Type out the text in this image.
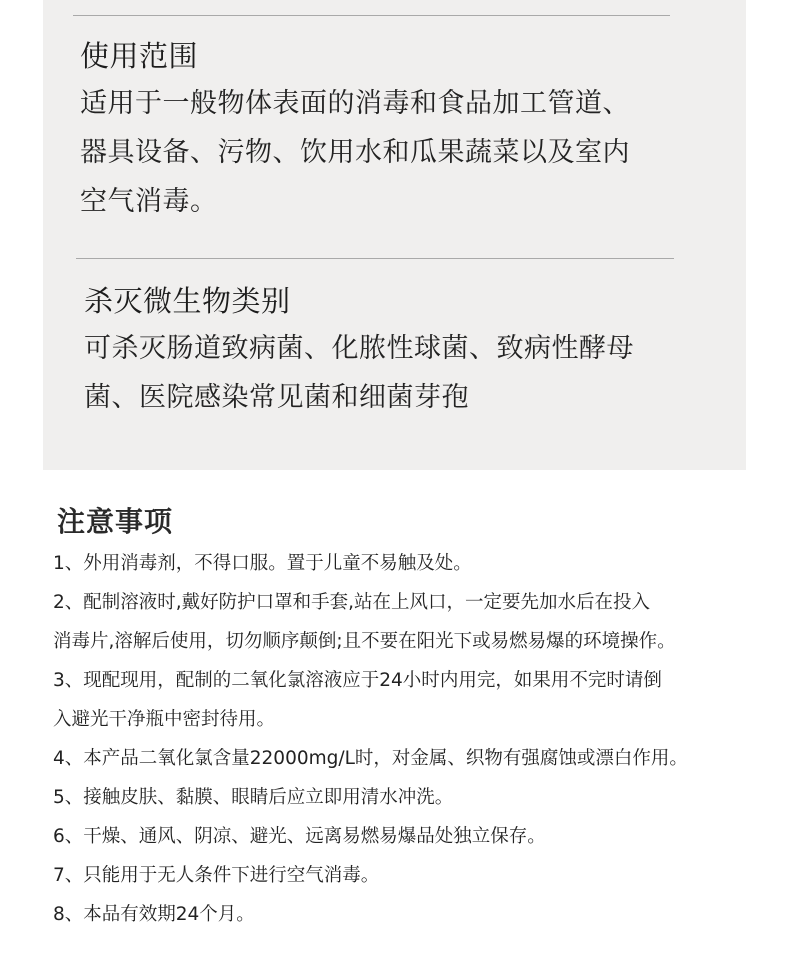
使用范围

适用于一般物体表面的消毒和食品加工管道、

器具设备、污物、饮用水和瓜果蔬菜以及室内

空气消毒。

杀灭微生物类别

可杀灭肠道致病菌、化脓性球菌、致病性酵母

菌、医院感染常见菌和细菌芽孢

注意事项

1、外用消毒剂，不得口服。置于儿童不易触及处。

2、配制溶液时,戴好防护口罩和手套,站在上风口，一定要先加水后在投入

消毒片,溶解后使用，切勿顺序颠倒;且不要在阳光下或易燃易爆的环境操作。

3、现配现用，配制的二氧化氯溶液应于24小时内用完，如果用不完时请倒

入避光干净瓶中密封待用。

4、本产品二氧化氯含量22000mg/L时，对金属、织物有强腐蚀或漂白作用。

5、接触皮肤、黏膜、眼睛后应立即用清水冲洗。

6、干燥、通风、阴凉、避光、远离易燃易爆品处独立保存。

7、只能用于无人条件下进行空气消毒。

8、本品有效期24个月。
